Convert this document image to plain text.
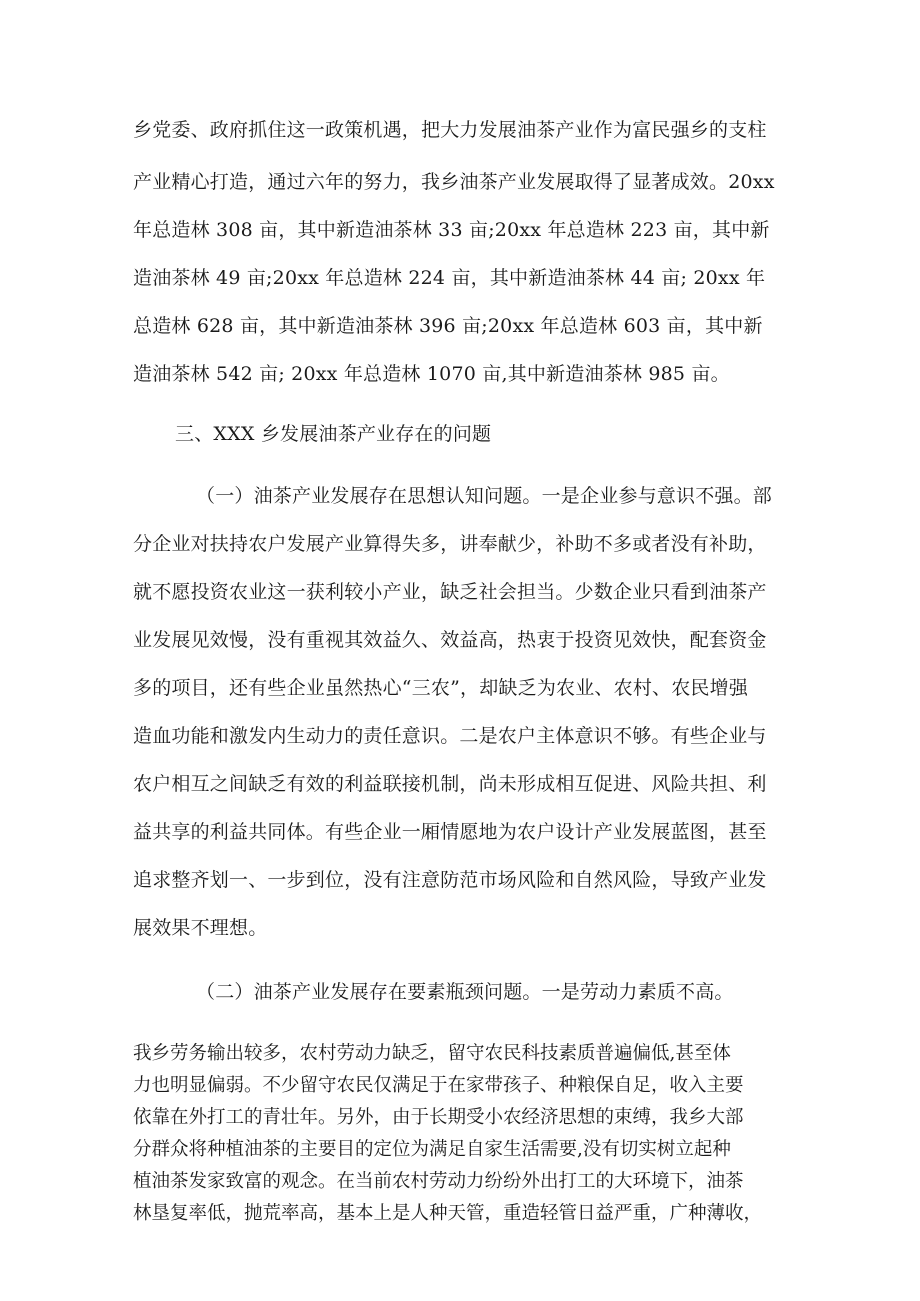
乡党委、政府抓住这一政策机遇，把大力发展油茶产业作为富民强乡的支柱
产业精心打造，通过六年的努力，我乡油茶产业发展取得了显著成效。20xx
年总造林 308 亩，其中新造油茶林 33 亩;20xx 年总造林 223 亩，其中新
造油茶林 49 亩;20xx 年总造林 224 亩，其中新造油茶林 44 亩; 20xx 年
总造林 628 亩，其中新造油茶林 396 亩;20xx 年总造林 603 亩，其中新
造油茶林 542 亩; 20xx 年总造林 1070 亩,其中新造油茶林 985 亩。
三、XXX 乡发展油茶产业存在的问题
（一）油茶产业发展存在思想认知问题。一是企业参与意识不强。部
分企业对扶持农户发展产业算得失多，讲奉献少，补助不多或者没有补助，
就不愿投资农业这一获利较小产业，缺乏社会担当。少数企业只看到油茶产
业发展见效慢，没有重视其效益久、效益高，热衷于投资见效快，配套资金
多的项目，还有些企业虽然热心“三农”，却缺乏为农业、农村、农民增强
造血功能和激发内生动力的责任意识。二是农户主体意识不够。有些企业与
农户相互之间缺乏有效的利益联接机制，尚未形成相互促进、风险共担、利
益共享的利益共同体。有些企业一厢情愿地为农户设计产业发展蓝图，甚至
追求整齐划一、一步到位，没有注意防范市场风险和自然风险，导致产业发
展效果不理想。
（二）油茶产业发展存在要素瓶颈问题。一是劳动力素质不高。
我乡劳务输出较多，农村劳动力缺乏，留守农民科技素质普遍偏低,甚至体
力也明显偏弱。不少留守农民仅满足于在家带孩子、种粮保自足，收入主要
依靠在外打工的青壮年。另外，由于长期受小农经济思想的束缚，我乡大部
分群众将种植油茶的主要目的定位为满足自家生活需要,没有切实树立起种
植油茶发家致富的观念。在当前农村劳动力纷纷外出打工的大环境下，油茶
林垦复率低，抛荒率高，基本上是人种天管，重造轻管日益严重，广种薄收，
